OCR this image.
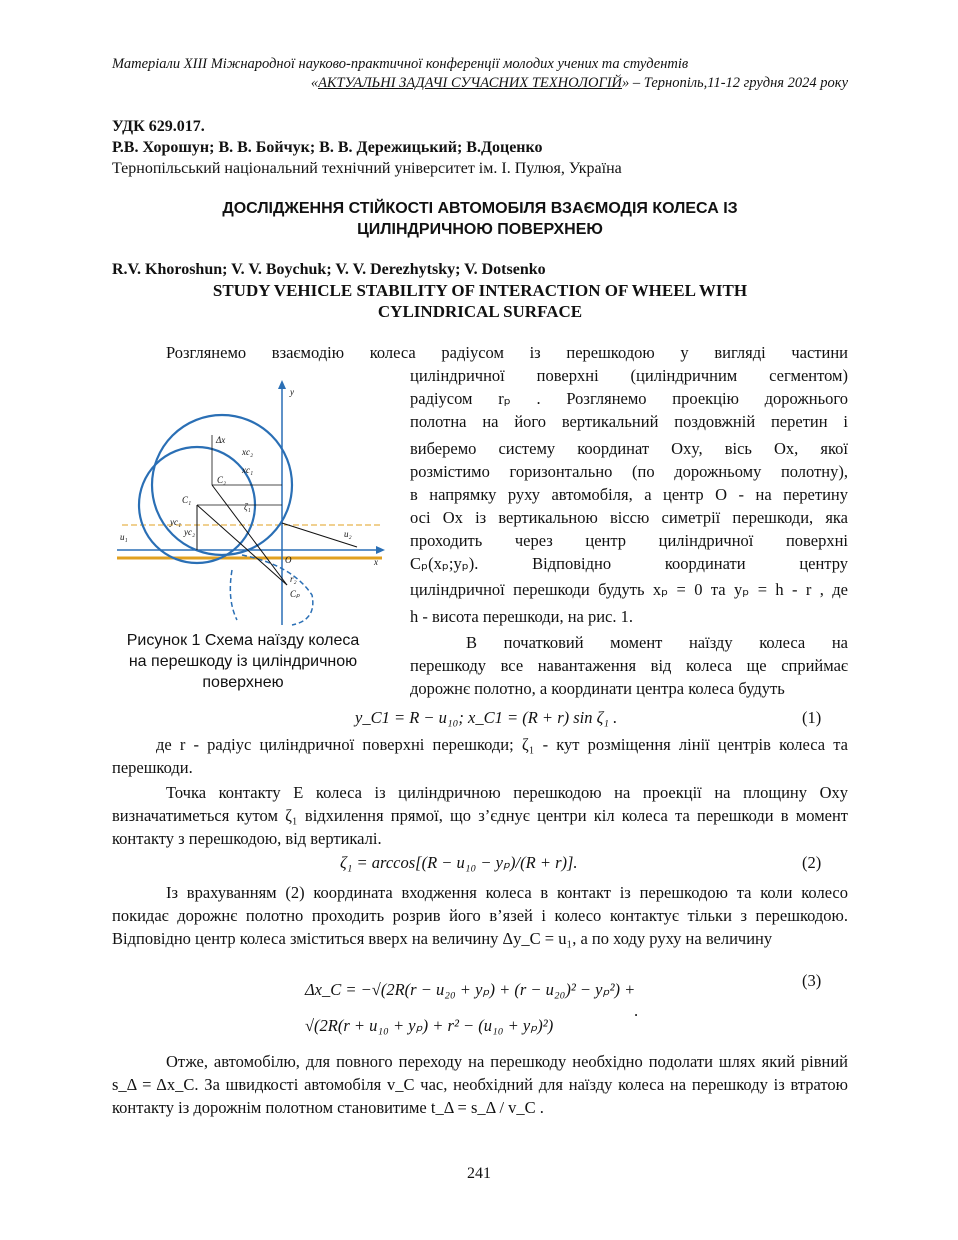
Матеріали XIII Міжнародної науково-практичної конференції молодих учених та студентів
«АКТУАЛЬНІ ЗАДАЧІ СУЧАСНИХ ТЕХНОЛОГІЙ» – Тернопіль,11-12 грудня 2024 року
УДК 629.017.
Р.В. Хорошун; В. В. Бойчук; В. В. Дережицький; В.Доценко
Тернопільський національний технічний університет ім. І. Пулюя, Україна
ДОСЛІДЖЕННЯ СТІЙКОСТІ АВТОМОБІЛЯ ВЗАЄМОДІЯ КОЛЕСА ІЗ
ЦИЛІНДРИЧНОЮ ПОВЕРХНЕЮ
R.V. Khoroshun; V. V. Boychuk; V. V. Derezhytsky; V. Dotsenko
STUDY VEHICLE STABILITY OF INTERACTION OF WHEEL WITH
CYLINDRICAL SURFACE
Розглянемо взаємодію колеса радіусом із перешкодою у вигляді частини
циліндричної поверхні (циліндричним сегментом)
радіусом rₚ . Розглянемо проекцію дорожнього
полотна на його вертикальний поздовжній перетин і
виберемо систему координат Oxy, вісь Ox, якої
розмістимо горизонтально (по дорожньому полотну),
в напрямку руху автомобіля, а центр O - на перетину
осі Ox із вертикальною віссю симетрії перешкоди, яка
проходить через центр циліндричної поверхні
Cₚ(xₚ;yₚ). Відповідно координати центру
циліндричної перешкоди будуть xₚ = 0 та yₚ = h - r , де
h - висота перешкоди, на рис. 1.
В початковий момент наїзду колеса на
перешкоду все навантаження від колеса ще сприймає
дорожнє полотно, а координати центра колеса будуть
y
x
O
Δx
xc₂
xc₁
C₂
C₁
Cₚ
yc₁
yc₂
u₁	u₂
ζ₁
r₂
Рисунок 1 Схема наїзду колеса на перешкоду із циліндричною поверхнею
y_C1 = R − u₁₀; x_C1 = (R + r) sin ζ₁ .	(1)
де r - радіус циліндричної поверхні перешкоди; ζ₁ - кут розміщення лінії центрів колеса та перешкоди.
Точка контакту E колеса із циліндричною перешкодою на проекції на площину Oxy визначатиметься кутом ζ₁ відхилення прямої, що з’єднує центри кіл колеса та перешкоди в момент контакту з перешкодою, від вертикалі.
ζ₁ = arccos[(R − u₁₀ − yₚ)/(R + r)].	(2)
Із врахуванням (2) координата входження колеса в контакт із перешкодою та коли колесо покидає дорожнє полотно проходить розрив його в’язей і колесо контактує тільки з перешкодою. Відповідно центр колеса зміститься вверх на величину Δy_C = u₁, а по ходу руху на величину
Δx_C = −√(2R(r − u₂₀ + yₚ) + (r − u₂₀)² − yₚ²) +
√(2R(r + u₁₀ + yₚ) + r² − (u₁₀ + yₚ)²)
.
(3)
Отже, автомобілю, для повного переходу на перешкоду необхідно подолати шлях який рівний s_Δ = Δx_C. За швидкості автомобіля v_C час, необхідний для наїзду колеса на перешкоду із втратою контакту із дорожнім полотном становитиме t_Δ = s_Δ / v_C .
241
